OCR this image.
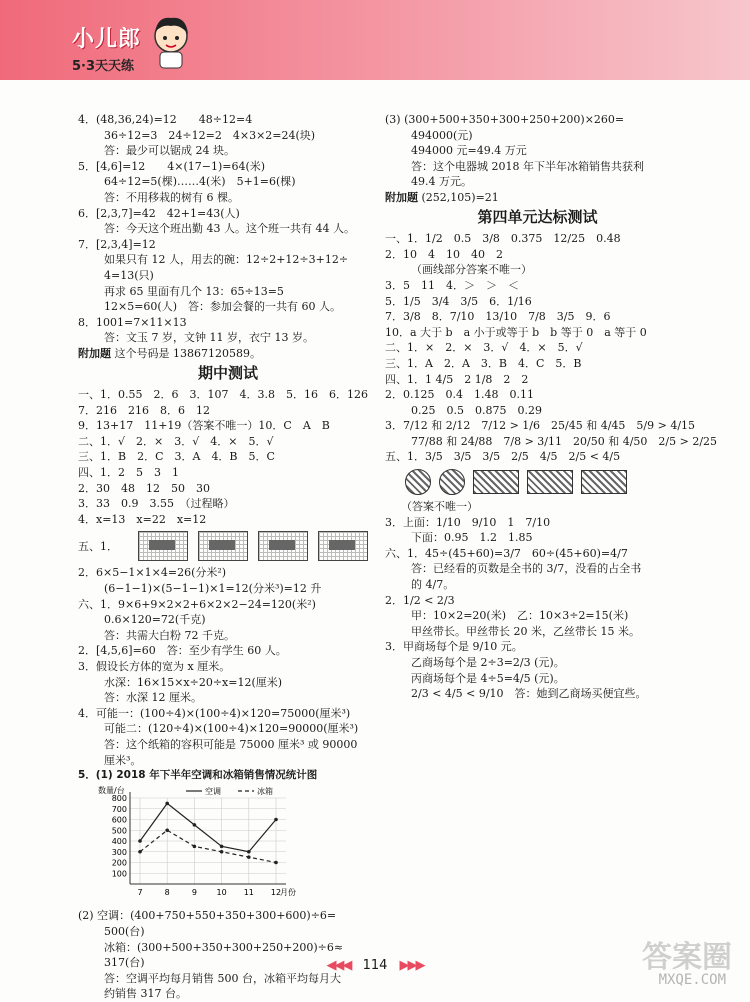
小儿郎
5·3天天练
4．(48,36,24)=12　　48÷12=4
36÷12=3　24÷12=2　4×3×2=24(块)
答：最少可以锯成 24 块。
5．[4,6]=12　　4×(17−1)=64(米)
64÷12=5(棵)……4(米)　5+1=6(棵)
答：不用移栽的树有 6 棵。
6．[2,3,7]=42　42+1=43(人)
答：今天这个班出勤 43 人。这个班一共有 44 人。
7．[2,3,4]=12
如果只有 12 人，用去的碗：12÷2+12÷3+12÷
4=13(只)
再求 65 里面有几个 13：65÷13=5
12×5=60(人)　答：参加会餐的一共有 60 人。
8．1001=7×11×13
答：文玉 7 岁，文钟 11 岁，衣宁 13 岁。
附加题 这个号码是 13867120589。
期中测试
一、1．0.55　2．6　3．107　4．3.8　5．16　6．126
7．216　216　8．6　12
9．13+17　11+19（答案不唯一）10．C　A　B
二、1．√　2．×　3．√　4．×　5．√
三、1．B　2．C　3．A　4．B　5．C
四、1．2　5　3　1
2．30　48　12　50　30
3．33　0.9　3.55　（过程略）
4．x=13　x=22　x=12
五、1．
2．6×5−1×1×4=26(分米²)
(6−1−1)×(5−1−1)×1=12(分米³)=12 升
六、1．9×6+9×2×2+6×2×2−24=120(米²)
0.6×120=72(千克)
答：共需大白粉 72 千克。
2．[4,5,6]=60　答：至少有学生 60 人。
3．假设长方体的宽为 x 厘米。
水深：16×15×x÷20÷x=12(厘米)
答：水深 12 厘米。
4．可能一：(100÷4)×(100÷4)×120=75000(厘米³)
可能二：(120÷4)×(100÷4)×120=90000(厘米³)
答：这个纸箱的容积可能是 75000 厘米³ 或 90000
厘米³。
5．(1) 2018 年下半年空调和冰箱销售情况统计图
100
200
300
400
500
600
700
800
7	8	9 10 11 12
数量/台
月份
空调	冰箱
(2) 空调：(400+750+550+350+300+600)÷6=
500(台)
冰箱：(300+500+350+300+250+200)÷6≈
317(台)
答：空调平均每月销售 500 台，冰箱平均每月大
约销售 317 台。
(3) (300+500+350+300+250+200)×260=
494000(元)
494000 元=49.4 万元
答：这个电器城 2018 年下半年冰箱销售共获利
49.4 万元。
附加题 (252,105)=21
第四单元达标测试
一、1．1/2　0.5　3/8　0.375　12/25　0.48
2．10　4　10　40　2
（画线部分答案不唯一）
3．5　11　4．＞　＞　＜
5．1/5　3/4　3/5　6．1/16
7．3/8　8．7/10　13/10　7/8　3/5　9．6
10．a 大于 b　a 小于或等于 b　b 等于 0　a 等于 0
二、1．×　2．×　3．√　4．×　5．√
三、1．A　2．A　3．B　4．C　5．B
四、1．1 4/5　2 1/8　2　2
2．0.125　0.4　1.48　0.11
0.25　0.5　0.875　0.29
3．7/12 和 2/12　7/12 > 1/6　25/45 和 4/45　5/9 > 4/15
77/88 和 24/88　7/8 > 3/11　20/50 和 4/50　2/5 > 2/25
五、1．3/5　3/5　3/5　2/5　4/5　2/5 < 4/5
（答案不唯一）
3．上面：1/10　9/10　1　7/10
下面：0.95　1.2　1.85
六、1．45÷(45+60)=3/7　60÷(45+60)=4/7
答：已经看的页数是全书的 3/7，没看的占全书
的 4/7。
2．1/2 < 2/3
甲：10×2=20(米)　乙：10×3÷2=15(米)
甲丝带长。甲丝带长 20 米，乙丝带长 15 米。
3．甲商场每个是 9/10 元。
乙商场每个是 2÷3=2/3 (元)。
丙商场每个是 4÷5=4/5 (元)。
2/3 < 4/5 < 9/10　答：她到乙商场买便宜些。
◀◀◀ 114 ▶▶▶	答案圈
MXQE.COM
